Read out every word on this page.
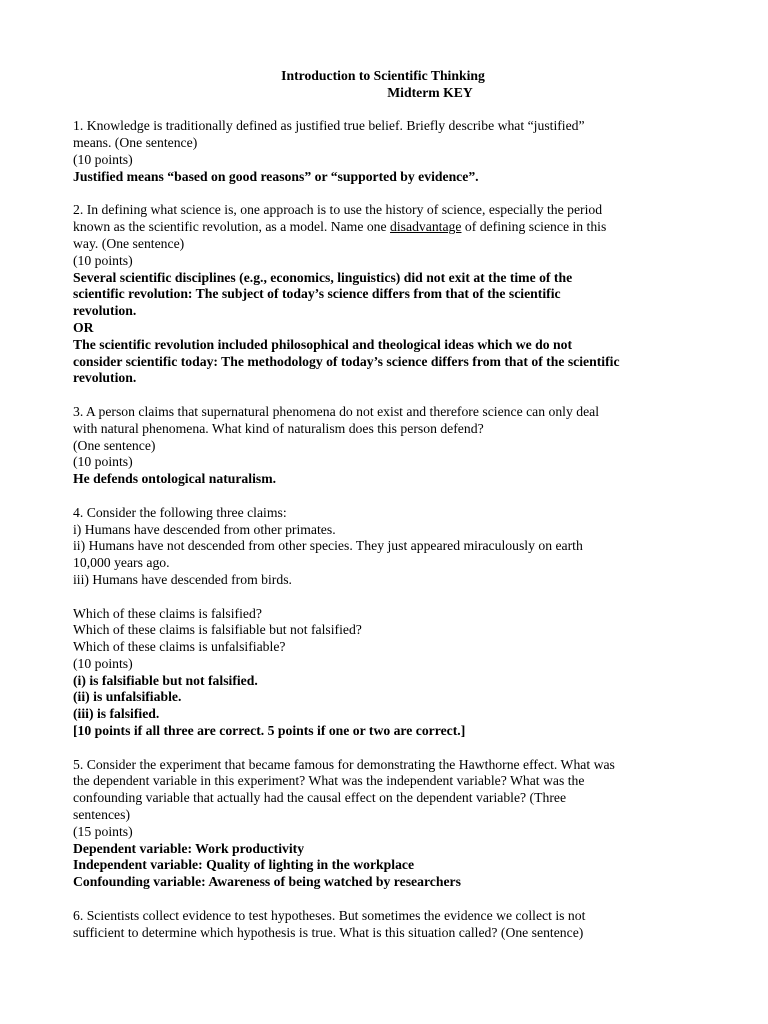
Introduction to Scientific Thinking
Midterm KEY
1. Knowledge is traditionally defined as justified true belief. Briefly describe what “justified”
means. (One sentence)
(10 points)
Justified means “based on good reasons” or “supported by evidence”.
2. In defining what science is, one approach is to use the history of science, especially the period
known as the scientific revolution, as a model. Name one disadvantage of defining science in this
way. (One sentence)
(10 points)
Several scientific disciplines (e.g., economics, linguistics) did not exit at the time of the
scientific revolution: The subject of today’s science differs from that of the scientific
revolution.
OR
The scientific revolution included philosophical and theological ideas which we do not
consider scientific today: The methodology of today’s science differs from that of the scientific
revolution.
3. A person claims that supernatural phenomena do not exist and therefore science can only deal
with natural phenomena. What kind of naturalism does this person defend?
(One sentence)
(10 points)
He defends ontological naturalism.
4. Consider the following three claims:
i) Humans have descended from other primates.
ii) Humans have not descended from other species. They just appeared miraculously on earth
10,000 years ago.
iii) Humans have descended from birds.
Which of these claims is falsified?
Which of these claims is falsifiable but not falsified?
Which of these claims is unfalsifiable?
(10 points)
(i) is falsifiable but not falsified.
(ii) is unfalsifiable.
(iii) is falsified.
[10 points if all three are correct. 5 points if one or two are correct.]
5. Consider the experiment that became famous for demonstrating the Hawthorne effect. What was
the dependent variable in this experiment? What was the independent variable? What was the
confounding variable that actually had the causal effect on the dependent variable? (Three
sentences)
(15 points)
Dependent variable: Work productivity
Independent variable: Quality of lighting in the workplace
Confounding variable: Awareness of being watched by researchers
6. Scientists collect evidence to test hypotheses. But sometimes the evidence we collect is not
sufficient to determine which hypothesis is true. What is this situation called? (One sentence)
